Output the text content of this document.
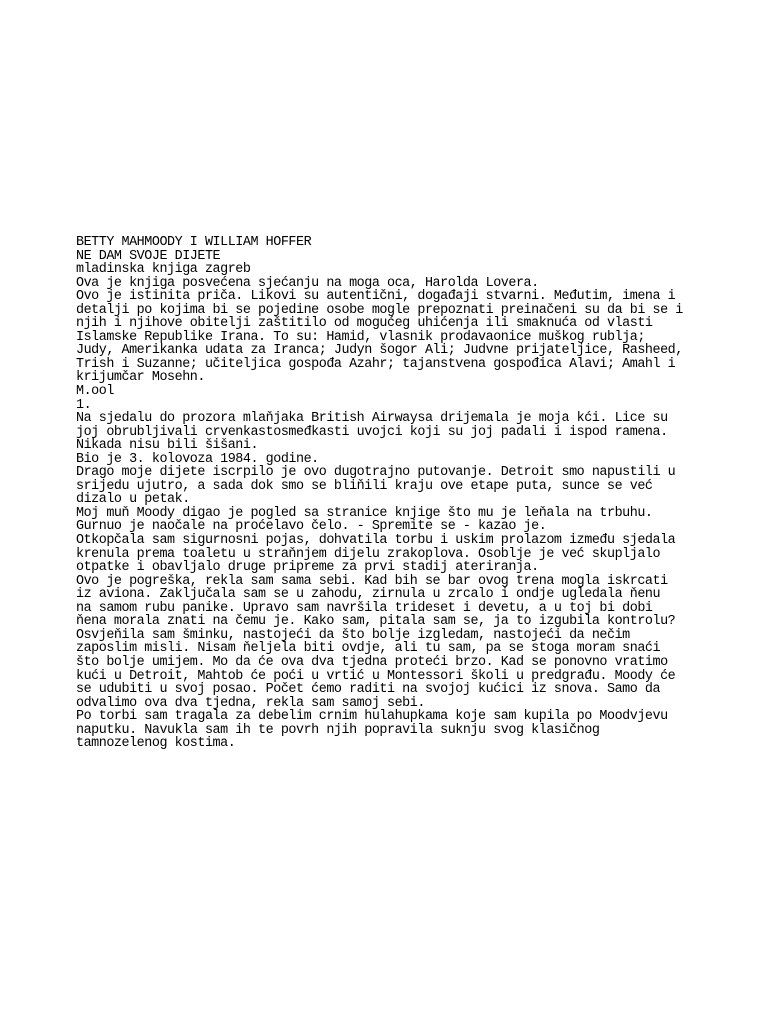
BETTY MAHMOODY I WILLIAM HOFFER
NE DAM SVOJE DIJETE
mladinska knjiga zagreb
Ova je knjiga posvećena sjećanju na moga oca, Harolda Lovera.
Ovo je istinita priča. Likovi su autentični, događaji stvarni. Međutim, imena i
detalji po kojima bi se pojedine osobe mogle prepoznati preinačeni su da bi se i
njih i njihove obitelji zaštitilo od mogućeg uhićenja ili smaknuća od vlasti
Islamske Republike Irana. To su: Hamid, vlasnik prodavaonice muškog rublja;
Judy, Amerikanka udata za Iranca; Judyn šogor Ali; Judvne prijateljice, Rasheed,
Trish i Suzanne; učiteljica gospođa Azahr; tajanstvena gospođica Alavi; Amahl i
krijumčar Mosehn.
M.ool
1.
Na sjedalu do prozora mlaňjaka British Airwaysa drijemala je moja kći. Lice su
joj obrubljivali crvenkastosmeđkasti uvojci koji su joj padali i ispod ramena.
Nikada nisu bili šišani.
Bio je 3. kolovoza 1984. godine.
Drago moje dijete iscrpilo je ovo dugotrajno putovanje. Detroit smo napustili u
srijedu ujutro, a sada dok smo se bliňili kraju ove etape puta, sunce se već
dizalo u petak.
Moj muň Moody digao je pogled sa stranice knjige što mu je leňala na trbuhu.
Gurnuo je naočale na proćelavo čelo. - Spremite se - kazao je.
Otkopčala sam sigurnosni pojas, dohvatila torbu i uskim prolazom između sjedala
krenula prema toaletu u straňnjem dijelu zrakoplova. Osoblje je već skupljalo
otpatke i obavljalo druge pripreme za prvi stadij ateriranja.
Ovo je pogreška, rekla sam sama sebi. Kad bih se bar ovog trena mogla iskrcati
iz aviona. Zaključala sam se u zahodu, zirnula u zrcalo i ondje ugledala ňenu
na samom rubu panike. Upravo sam navršila trideset i devetu, a u toj bi dobi
ňena morala znati na čemu je. Kako sam, pitala sam se, ja to izgubila kontrolu?
Osvjeňila sam šminku, nastojeći da što bolje izgledam, nastojeći da nečim
zaposlim misli. Nisam ňeljela biti ovdje, ali tu sam, pa se stoga moram snaći
što bolje umijem. Mo da će ova dva tjedna proteći brzo. Kad se ponovno vratimo
kući u Detroit, Mahtob će poći u vrtić u Montessori školi u predgrađu. Moody će
se udubiti u svoj posao. Počet ćemo raditi na svojoj kućici iz snova. Samo da
odvalimo ova dva tjedna, rekla sam samoj sebi.
Po torbi sam tragala za debelim crnim hulahupkama koje sam kupila po Moodvjevu
naputku. Navukla sam ih te povrh njih popravila suknju svog klasičnog
tamnozelenog kostima.
